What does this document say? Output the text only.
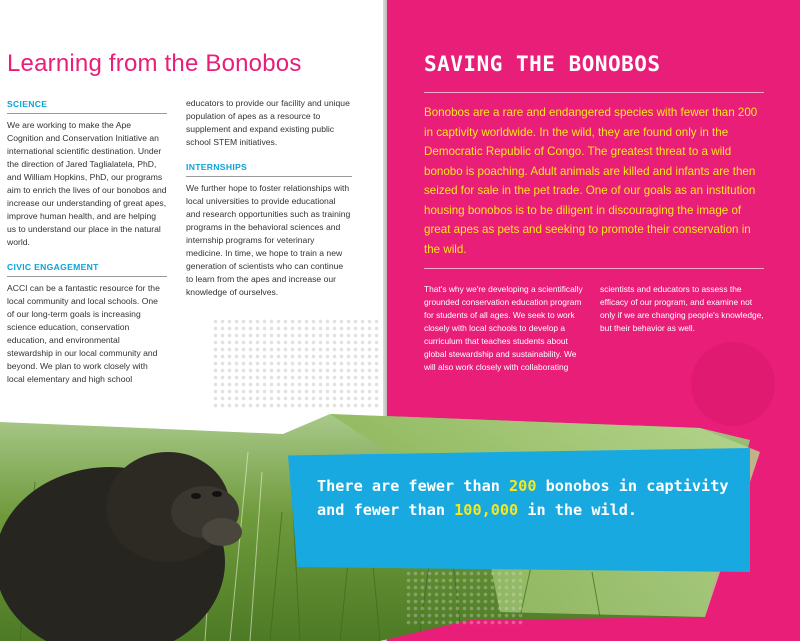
Learning from the Bonobos
SCIENCE

We are working to make the Ape Cognition and Conservation Initiative an international scientific destination. Under the direction of Jared Taglialatela, PhD, and William Hopkins, PhD, our programs aim to enrich the lives of our bonobos and increase our understanding of great apes, improve human health, and are helping us to understand our place in the natural world.

CIVIC ENGAGEMENT

ACCI can be a fantastic resource for the local community and local schools. One of our long-term goals is increasing science education, conservation education, and environmental stewardship in our local community and beyond. We plan to work closely with local elementary and high school

educators to provide our facility and unique population of apes as a resource to supplement and expand existing public school STEM initiatives.

INTERNSHIPS

We further hope to foster relationships with local universities to provide educational and research opportunities such as training programs in the behavioral sciences and internship programs for veterinary medicine. In time, we hope to train a new generation of scientists who can continue to learn from the apes and increase our knowledge of ourselves.

SAVING THE BONOBOS

Bonobos are a rare and endangered species with fewer than 200 in captivity worldwide. In the wild, they are found only in the Democratic Republic of Congo. The greatest threat to a wild bonobo is poaching. Adult animals are killed and infants are then seized for sale in the pet trade. One of our goals as an institution housing bonobos is to be diligent in discouraging the image of great apes as pets and seeking to promote their conservation in the wild.

That's why we're developing a scientifically grounded conservation education program for students of all ages. We seek to work closely with local schools to develop a curriculum that teaches students about global stewardship and sustainability. We will also work closely with collaborating

scientists and educators to assess the efficacy of our program, and examine not only if we are changing people's knowledge, but their behavior as well.

There are fewer than 200 bonobos in captivity and fewer than 100,000 in the wild.
